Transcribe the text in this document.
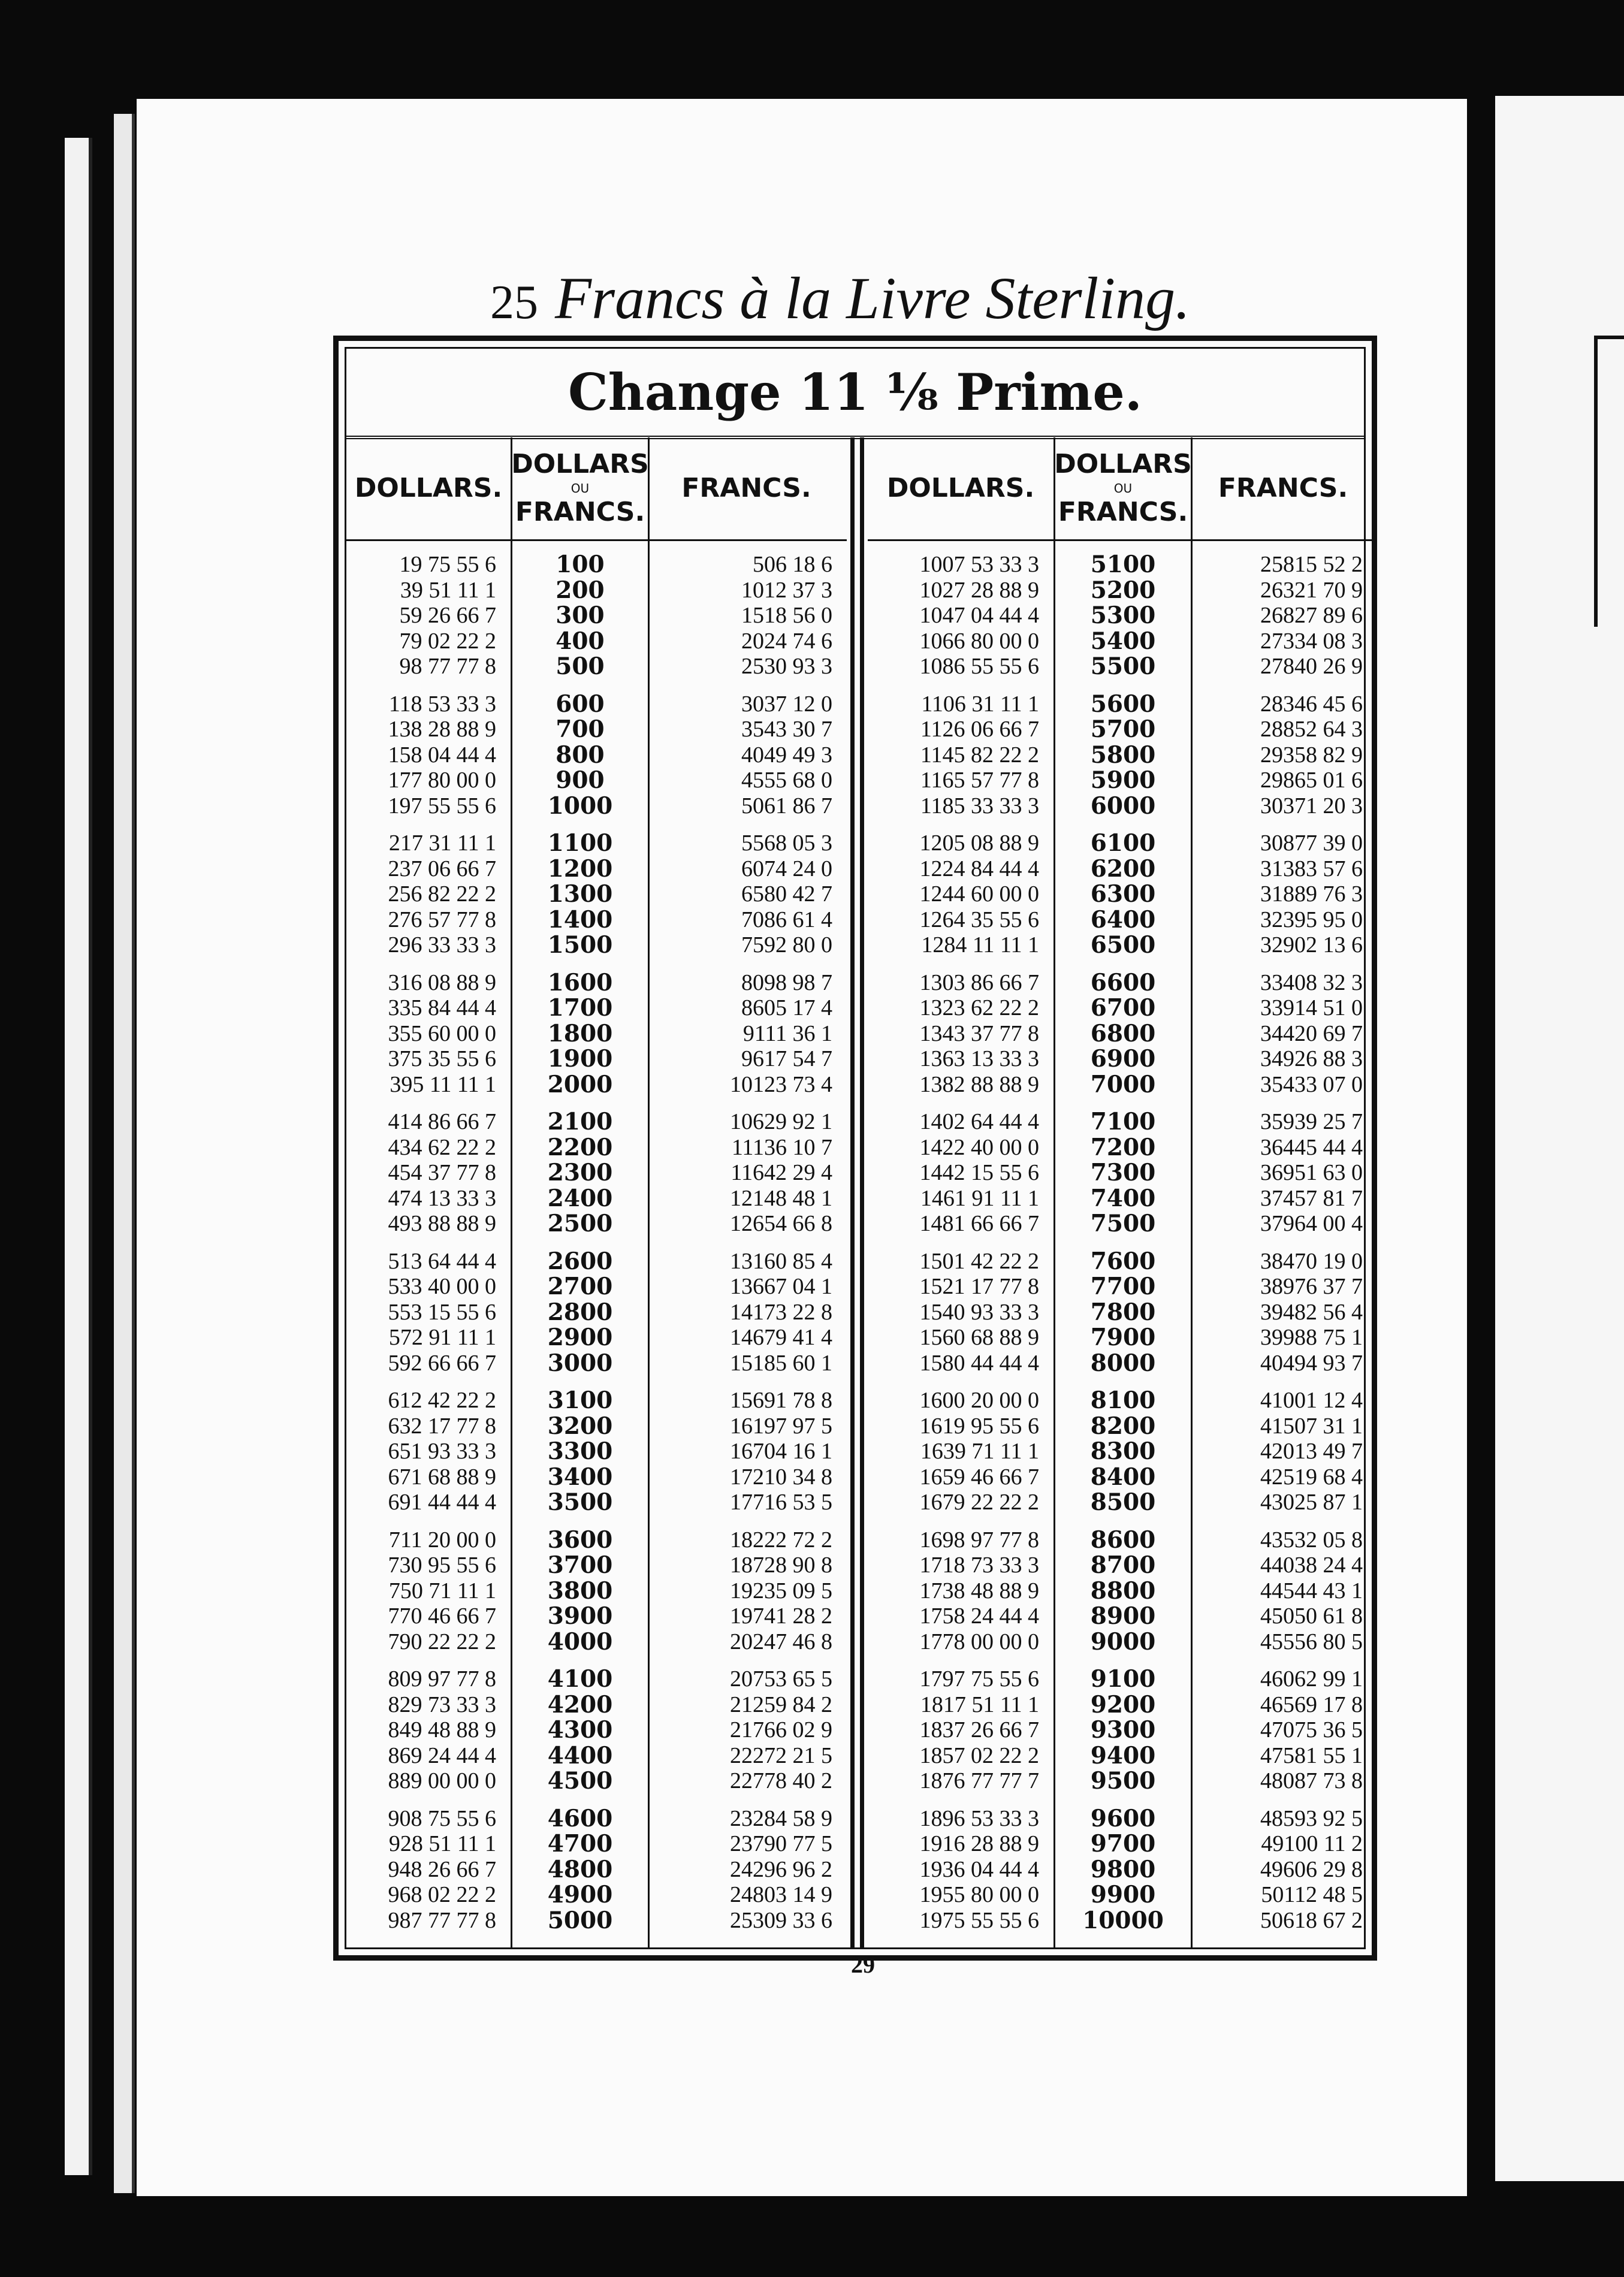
25 Francs à la Livre Sterling.
Change 11 ⅛ Prime.
DOLLARS.
19 75 55 6
39 51 11 1
59 26 66 7
79 02 22 2
98 77 77 8
118 53 33 3
138 28 88 9
158 04 44 4
177 80 00 0
197 55 55 6
217 31 11 1
237 06 66 7
256 82 22 2
276 57 77 8
296 33 33 3
316 08 88 9
335 84 44 4
355 60 00 0
375 35 55 6
395 11 11 1
414 86 66 7
434 62 22 2
454 37 77 8
474 13 33 3
493 88 88 9
513 64 44 4
533 40 00 0
553 15 55 6
572 91 11 1
592 66 66 7
612 42 22 2
632 17 77 8
651 93 33 3
671 68 88 9
691 44 44 4
711 20 00 0
730 95 55 6
750 71 11 1
770 46 66 7
790 22 22 2
809 97 77 8
829 73 33 3
849 48 88 9
869 24 44 4
889 00 00 0
908 75 55 6
928 51 11 1
948 26 66 7
968 02 22 2
987 77 77 8
DOLLARS
OU
FRANCS.
100
200
300
400
500
600
700
800
900
1000
1100
1200
1300
1400
1500
1600
1700
1800
1900
2000
2100
2200
2300
2400
2500
2600
2700
2800
2900
3000
3100
3200
3300
3400
3500
3600
3700
3800
3900
4000
4100
4200
4300
4400
4500
4600
4700
4800
4900
5000
FRANCS.
506 18 6
1012 37 3
1518 56 0
2024 74 6
2530 93 3
3037 12 0
3543 30 7
4049 49 3
4555 68 0
5061 86 7
5568 05 3
6074 24 0
6580 42 7
7086 61 4
7592 80 0
8098 98 7
8605 17 4
9111 36 1
9617 54 7
10123 73 4
10629 92 1
11136 10 7
11642 29 4
12148 48 1
12654 66 8
13160 85 4
13667 04 1
14173 22 8
14679 41 4
15185 60 1
15691 78 8
16197 97 5
16704 16 1
17210 34 8
17716 53 5
18222 72 2
18728 90 8
19235 09 5
19741 28 2
20247 46 8
20753 65 5
21259 84 2
21766 02 9
22272 21 5
22778 40 2
23284 58 9
23790 77 5
24296 96 2
24803 14 9
25309 33 6
DOLLARS.
1007 53 33 3
1027 28 88 9
1047 04 44 4
1066 80 00 0
1086 55 55 6
1106 31 11 1
1126 06 66 7
1145 82 22 2
1165 57 77 8
1185 33 33 3
1205 08 88 9
1224 84 44 4
1244 60 00 0
1264 35 55 6
1284 11 11 1
1303 86 66 7
1323 62 22 2
1343 37 77 8
1363 13 33 3
1382 88 88 9
1402 64 44 4
1422 40 00 0
1442 15 55 6
1461 91 11 1
1481 66 66 7
1501 42 22 2
1521 17 77 8
1540 93 33 3
1560 68 88 9
1580 44 44 4
1600 20 00 0
1619 95 55 6
1639 71 11 1
1659 46 66 7
1679 22 22 2
1698 97 77 8
1718 73 33 3
1738 48 88 9
1758 24 44 4
1778 00 00 0
1797 75 55 6
1817 51 11 1
1837 26 66 7
1857 02 22 2
1876 77 77 7
1896 53 33 3
1916 28 88 9
1936 04 44 4
1955 80 00 0
1975 55 55 6
DOLLARS
OU
FRANCS.
5100
5200
5300
5400
5500
5600
5700
5800
5900
6000
6100
6200
6300
6400
6500
6600
6700
6800
6900
7000
7100
7200
7300
7400
7500
7600
7700
7800
7900
8000
8100
8200
8300
8400
8500
8600
8700
8800
8900
9000
9100
9200
9300
9400
9500
9600
9700
9800
9900
10000
FRANCS.
25815 52 2
26321 70 9
26827 89 6
27334 08 3
27840 26 9
28346 45 6
28852 64 3
29358 82 9
29865 01 6
30371 20 3
30877 39 0
31383 57 6
31889 76 3
32395 95 0
32902 13 6
33408 32 3
33914 51 0
34420 69 7
34926 88 3
35433 07 0
35939 25 7
36445 44 4
36951 63 0
37457 81 7
37964 00 4
38470 19 0
38976 37 7
39482 56 4
39988 75 1
40494 93 7
41001 12 4
41507 31 1
42013 49 7
42519 68 4
43025 87 1
43532 05 8
44038 24 4
44544 43 1
45050 61 8
45556 80 5
46062 99 1
46569 17 8
47075 36 5
47581 55 1
48087 73 8
48593 92 5
49100 11 2
49606 29 8
50112 48 5
50618 67 2
29
